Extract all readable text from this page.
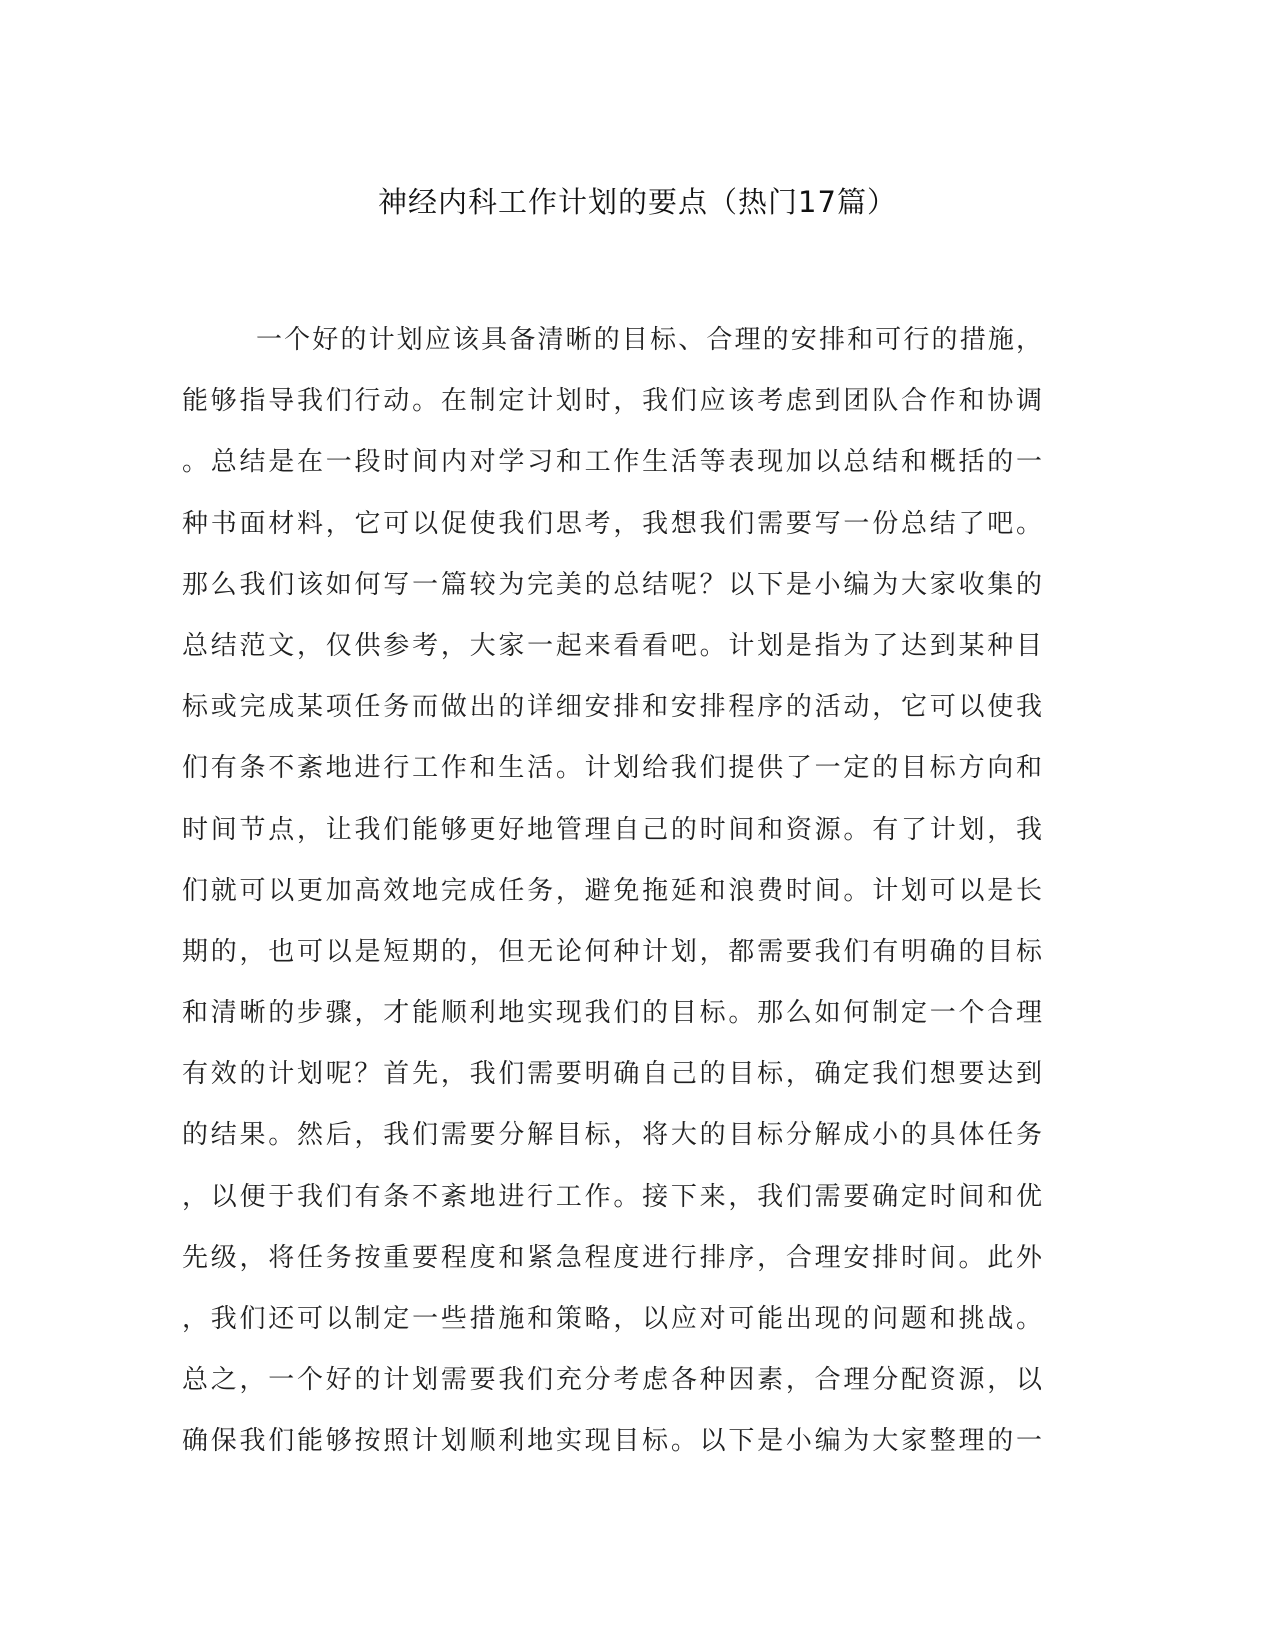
神经内科工作计划的要点（热门17篇）
一个好的计划应该具备清晰的目标、合理的安排和可行的措施，
能够指导我们行动。在制定计划时，我们应该考虑到团队合作和协调
。总结是在一段时间内对学习和工作生活等表现加以总结和概括的一
种书面材料，它可以促使我们思考，我想我们需要写一份总结了吧。
那么我们该如何写一篇较为完美的总结呢？以下是小编为大家收集的
总结范文，仅供参考，大家一起来看看吧。计划是指为了达到某种目
标或完成某项任务而做出的详细安排和安排程序的活动，它可以使我
们有条不紊地进行工作和生活。计划给我们提供了一定的目标方向和
时间节点，让我们能够更好地管理自己的时间和资源。有了计划，我
们就可以更加高效地完成任务，避免拖延和浪费时间。计划可以是长
期的，也可以是短期的，但无论何种计划，都需要我们有明确的目标
和清晰的步骤，才能顺利地实现我们的目标。那么如何制定一个合理
有效的计划呢？首先，我们需要明确自己的目标，确定我们想要达到
的结果。然后，我们需要分解目标，将大的目标分解成小的具体任务
，以便于我们有条不紊地进行工作。接下来，我们需要确定时间和优
先级，将任务按重要程度和紧急程度进行排序，合理安排时间。此外
，我们还可以制定一些措施和策略，以应对可能出现的问题和挑战。
总之，一个好的计划需要我们充分考虑各种因素，合理分配资源，以
确保我们能够按照计划顺利地实现目标。以下是小编为大家整理的一
